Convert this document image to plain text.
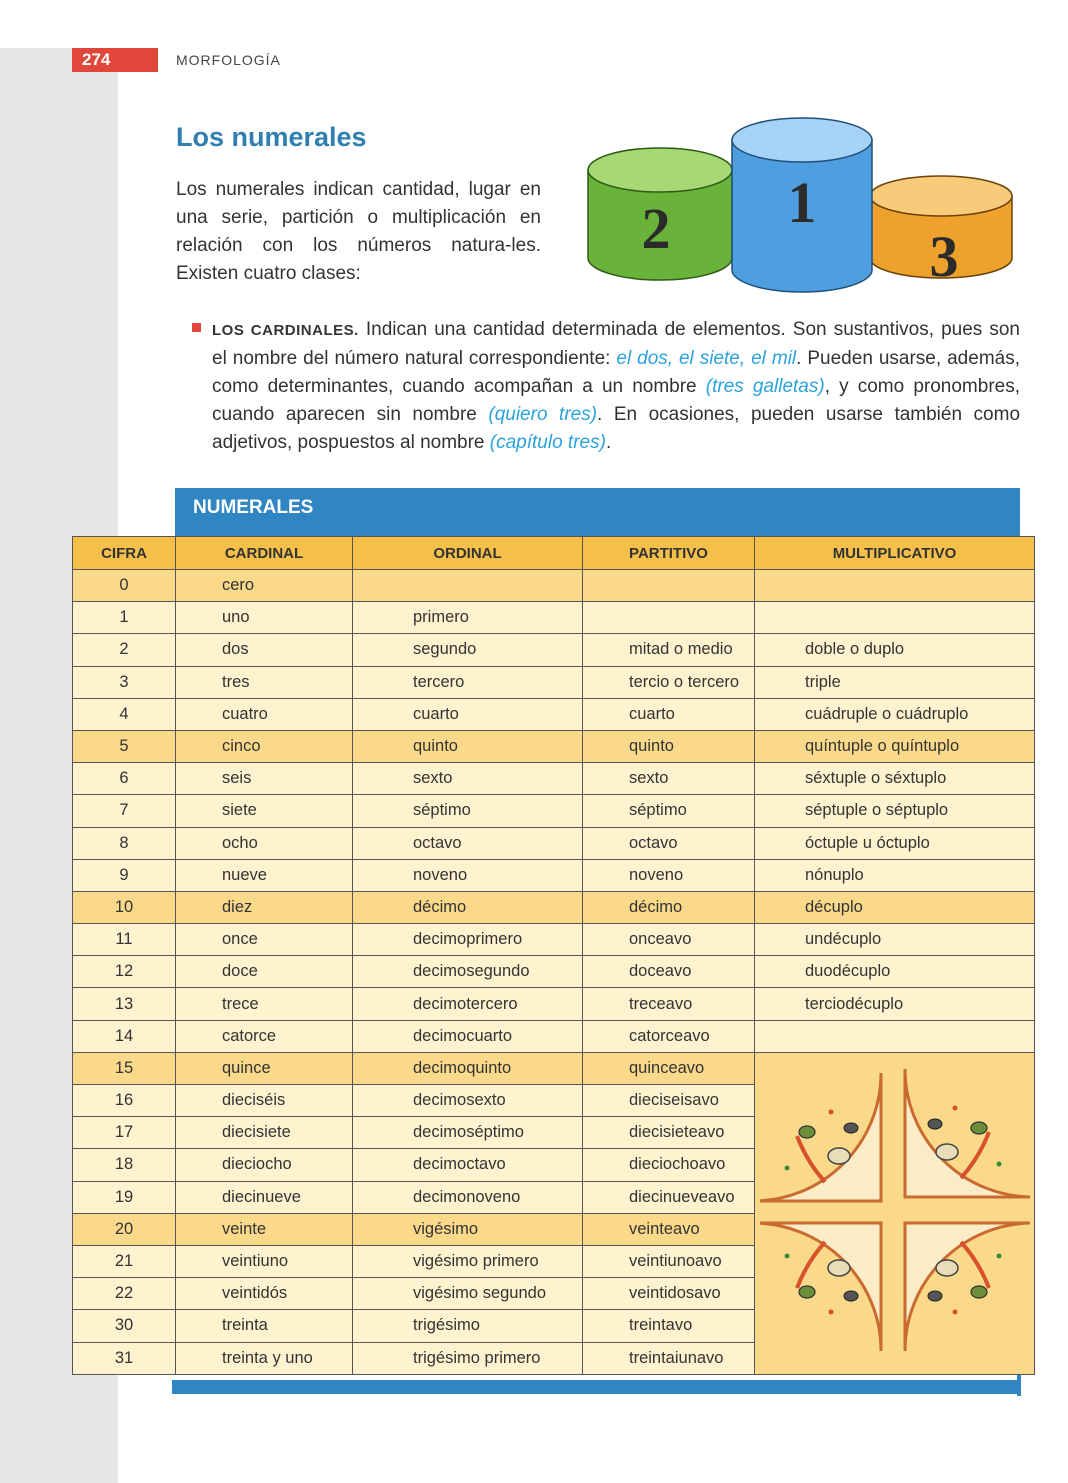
274	MORFOLOGÍA
Los numerales

Los numerales indican cantidad, lugar en una serie, partición o multiplicación en relación con los números natura-les. Existen cuatro clases:

2	3
1

LOS CARDINALES. Indican una cantidad determinada de elementos. Son sustantivos, pues son el nombre del número natural correspondiente: el dos, el siete, el mil. Pueden usarse, además, como determinantes, cuando acompañan a un nombre (tres galletas), y como pronombres, cuando aparecen sin nombre (quiero tres). En ocasiones, pueden usarse también como adjetivos, pospuestos al nombre (capítulo tres).

NUMERALES
CIFRA	CARDINAL	ORDINAL	PARTITIVO	MULTIPLICATIVO
0	cero			
1	uno	primero		
2	dos	segundo	mitad o medio	doble o duplo
3	tres	tercero	tercio o tercero	triple
4	cuatro	cuarto	cuarto	cuádruple o cuádruplo
5	cinco	quinto	quinto	quíntuple o quíntuplo
6	seis	sexto	sexto	séxtuple o séxtuplo
7	siete	séptimo	séptimo	séptuple o séptuplo
8	ocho	octavo	octavo	óctuple u óctuplo
9	nueve	noveno	noveno	nónuplo
10	diez	décimo	décimo	décuplo
11	once	decimoprimero	onceavo	undécuplo
12	doce	decimosegundo	doceavo	duodécuplo
13	trece	decimotercero	treceavo	terciodécuplo
14	catorce	decimocuarto	catorceavo	
15	quince	decimoquinto	quinceavo	
16	dieciséis	decimosexto	dieciseisavo	
17	diecisiete	decimoséptimo	diecisieteavo	
18	dieciocho	decimoctavo	dieciochoavo	
19	diecinueve	decimonoveno	diecinueveavo	
20	veinte	vigésimo	veinteavo	
21	veintiuno	vigésimo primero	veintiunoavo	
22	veintidós	vigésimo segundo	veintidosavo	
30	treinta	trigésimo	treintavo	
31	treinta y uno	trigésimo primero	treintaiunavo	
